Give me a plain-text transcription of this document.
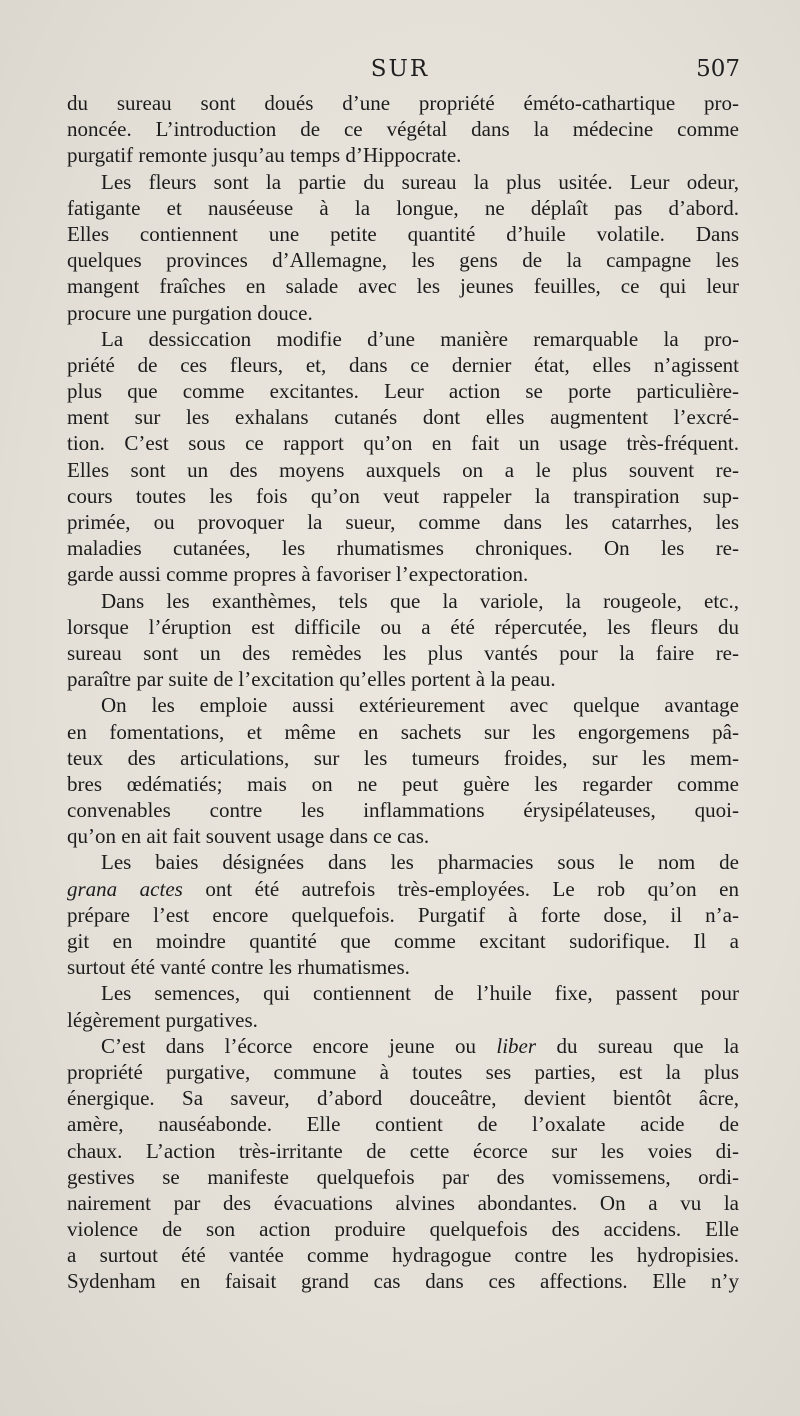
SUR	507
du sureau sont doués d’une propriété éméto-cathartique pro-
noncée. L’introduction de ce végétal dans la médecine comme
purgatif remonte jusqu’au temps d’Hippocrate.
Les fleurs sont la partie du sureau la plus usitée. Leur odeur,
fatigante et nauséeuse à la longue, ne déplaît pas d’abord.
Elles contiennent une petite quantité d’huile volatile. Dans
quelques provinces d’Allemagne, les gens de la campagne les
mangent fraîches en salade avec les jeunes feuilles, ce qui leur
procure une purgation douce.
La dessiccation modifie d’une manière remarquable la pro-
priété de ces fleurs, et, dans ce dernier état, elles n’agissent
plus que comme excitantes. Leur action se porte particulière-
ment sur les exhalans cutanés dont elles augmentent l’excré-
tion. C’est sous ce rapport qu’on en fait un usage très-fréquent.
Elles sont un des moyens auxquels on a le plus souvent re-
cours toutes les fois qu’on veut rappeler la transpiration sup-
primée, ou provoquer la sueur, comme dans les catarrhes, les
maladies cutanées, les rhumatismes chroniques. On les re-
garde aussi comme propres à favoriser l’expectoration.
Dans les exanthèmes, tels que la variole, la rougeole, etc.,
lorsque l’éruption est difficile ou a été répercutée, les fleurs du
sureau sont un des remèdes les plus vantés pour la faire re-
paraître par suite de l’excitation qu’elles portent à la peau.
On les emploie aussi extérieurement avec quelque avantage
en fomentations, et même en sachets sur les engorgemens pâ-
teux des articulations, sur les tumeurs froides, sur les mem-
bres œdématiés; mais on ne peut guère les regarder comme
convenables contre les inflammations érysipélateuses, quoi-
qu’on en ait fait souvent usage dans ce cas.
Les baies désignées dans les pharmacies sous le nom de
grana actes ont été autrefois très-employées. Le rob qu’on en
prépare l’est encore quelquefois. Purgatif à forte dose, il n’a-
git en moindre quantité que comme excitant sudorifique. Il a
surtout été vanté contre les rhumatismes.
Les semences, qui contiennent de l’huile fixe, passent pour
légèrement purgatives.
C’est dans l’écorce encore jeune ou liber du sureau que la
propriété purgative, commune à toutes ses parties, est la plus
énergique. Sa saveur, d’abord douceâtre, devient bientôt âcre,
amère, nauséabonde. Elle contient de l’oxalate acide de
chaux. L’action très-irritante de cette écorce sur les voies di-
gestives se manifeste quelquefois par des vomissemens, ordi-
nairement par des évacuations alvines abondantes. On a vu la
violence de son action produire quelquefois des accidens. Elle
a surtout été vantée comme hydragogue contre les hydropisies.
Sydenham en faisait grand cas dans ces affections. Elle n’y
